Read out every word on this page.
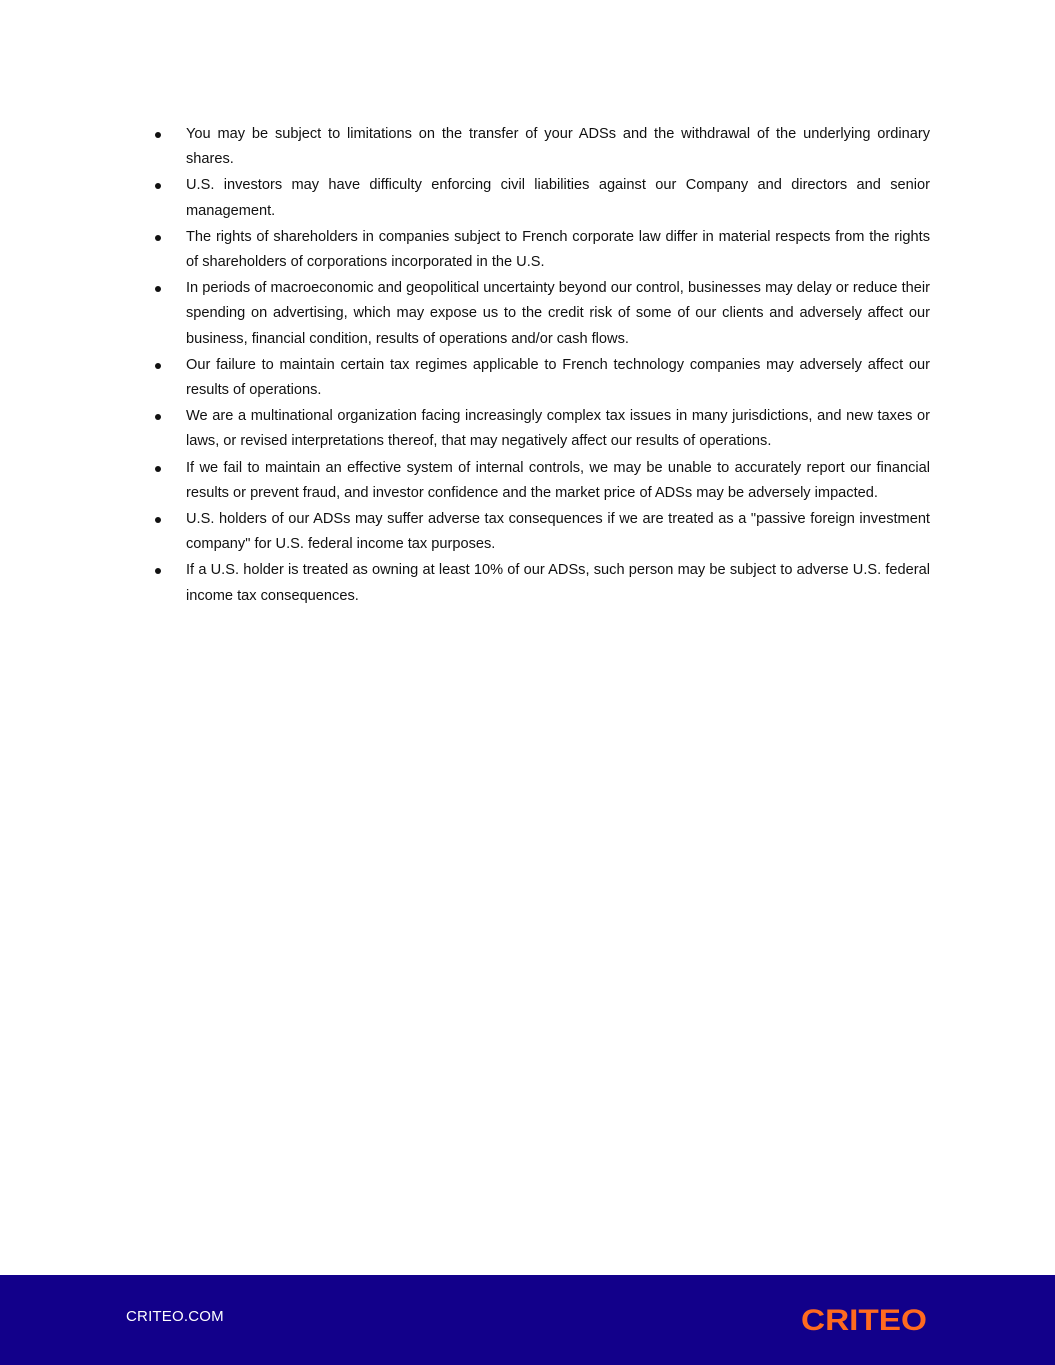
You may be subject to limitations on the transfer of your ADSs and the withdrawal of the underlying ordinary shares.
U.S. investors may have difficulty enforcing civil liabilities against our Company and directors and senior management.
The rights of shareholders in companies subject to French corporate law differ in material respects from the rights of shareholders of corporations incorporated in the U.S.
In periods of macroeconomic and geopolitical uncertainty beyond our control, businesses may delay or reduce their spending on advertising, which may expose us to the credit risk of some of our clients and adversely affect our business, financial condition, results of operations and/or cash flows.
Our failure to maintain certain tax regimes applicable to French technology companies may adversely affect our results of operations.
We are a multinational organization facing increasingly complex tax issues in many jurisdictions, and new taxes or laws, or revised interpretations thereof, that may negatively affect our results of operations.
If we fail to maintain an effective system of internal controls, we may be unable to accurately report our financial results or prevent fraud, and investor confidence and the market price of ADSs may be adversely impacted.
U.S. holders of our ADSs may suffer adverse tax consequences if we are treated as a "passive foreign investment company" for U.S. federal income tax purposes.
If a U.S. holder is treated as owning at least 10% of our ADSs, such person may be subject to adverse U.S. federal income tax consequences.
CRITEO.COM	CRITEO
